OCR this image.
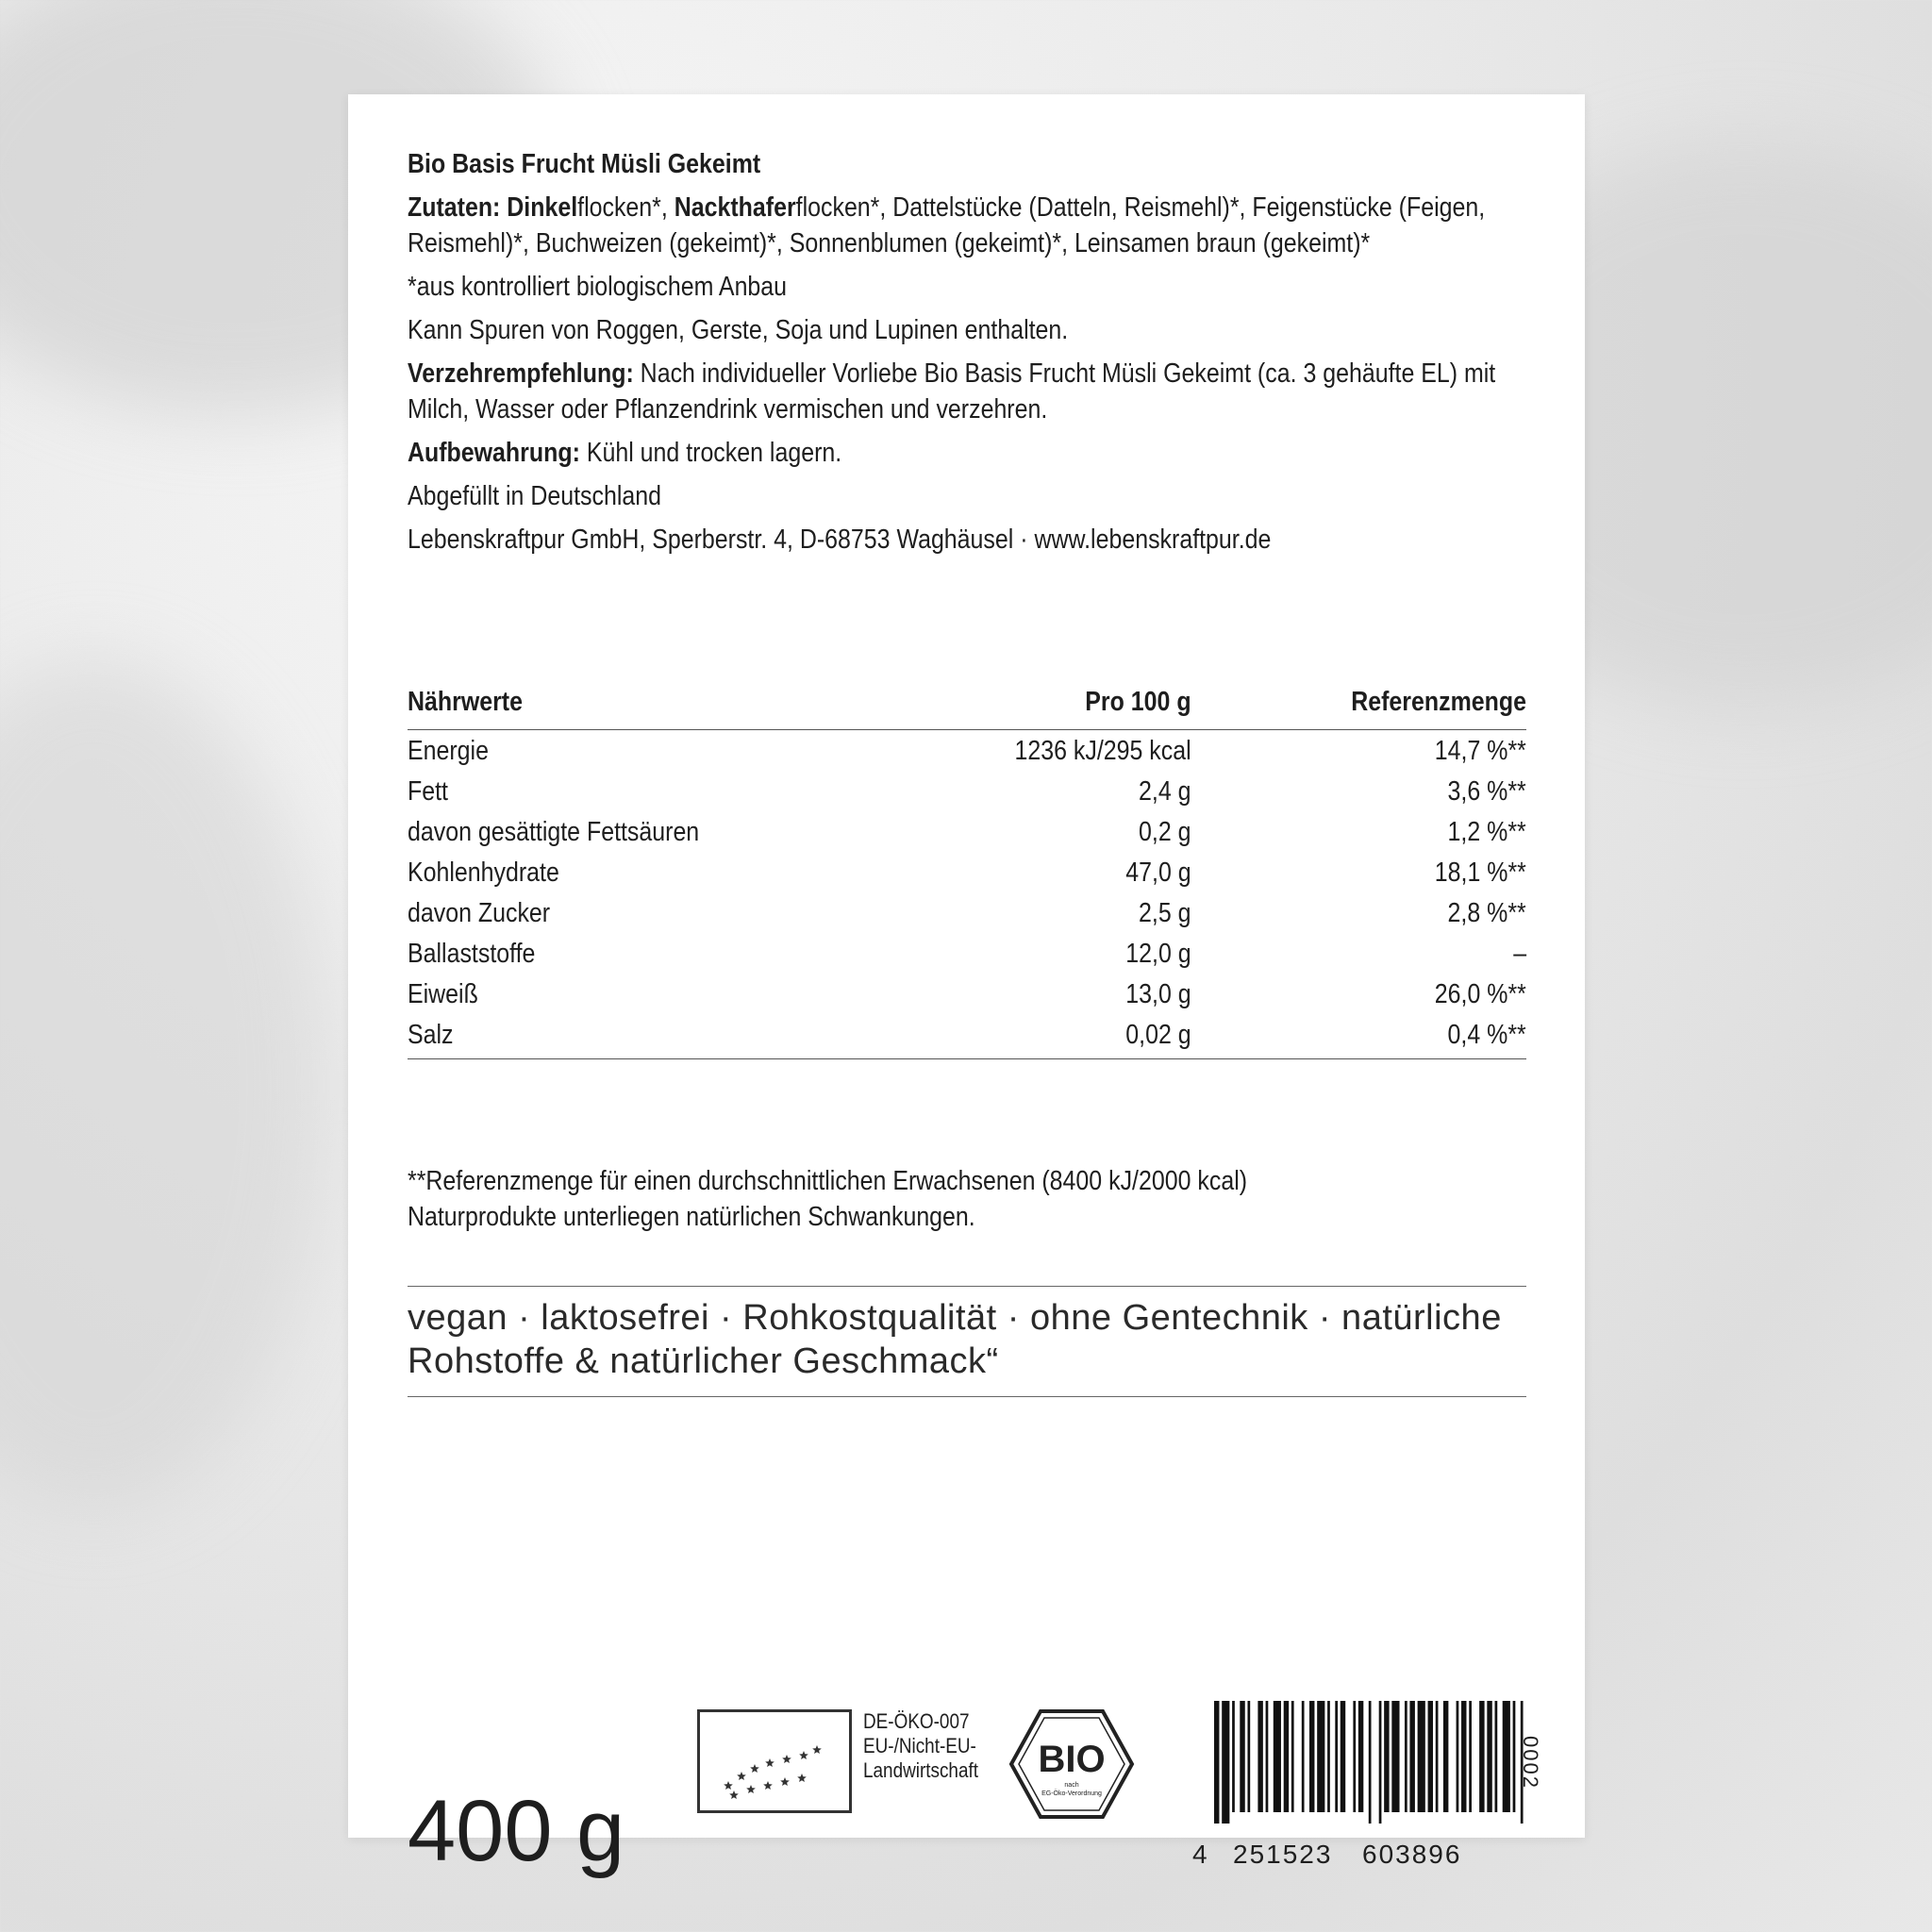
Bio Basis Frucht Müsli Gekeimt

Zutaten: Dinkelflocken*, Nackthaferflocken*, Dattelstücke (Datteln, Reismehl)*, Feigenstücke (Feigen, Reismehl)*, Buchweizen (gekeimt)*, Sonnenblumen (gekeimt)*, Leinsamen braun (gekeimt)*

*aus kontrolliert biologischem Anbau

Kann Spuren von Roggen, Gerste, Soja und Lupinen enthalten.

Verzehrempfehlung: Nach individueller Vorliebe Bio Basis Frucht Müsli Gekeimt (ca. 3 gehäufte EL) mit Milch, Wasser oder Pflanzendrink vermischen und verzehren.

Aufbewahrung: Kühl und trocken lagern.

Abgefüllt in Deutschland

Lebenskraftpur GmbH, Sperberstr. 4, D-68753 Waghäusel · www.lebenskraftpur.de

Nährwerte	Pro 100 g	Referenzmenge
Energie	1236 kJ/295 kcal	14,7 %**
Fett	2,4 g	3,6 %**
davon gesättigte Fettsäuren	0,2 g	1,2 %**
Kohlenhydrate	47,0 g	18,1 %**
davon Zucker	2,5 g	2,8 %**
Ballaststoffe	12,0 g	–
Eiweiß	13,0 g	26,0 %**
Salz	0,02 g	0,4 %**
**Referenzmenge für einen durchschnittlichen Erwachsenen (8400 kJ/2000 kcal)
Naturprodukte unterliegen natürlichen Schwankungen.
vegan · laktosefrei · Rohkostqualität · ohne Gentechnik · natürliche Rohstoffe & natürlicher Geschmack“
400 g
DE-ÖKO-007
EU-/Nicht-EU-
Landwirtschaft	BIO
nach
EG-Öko-Verordnung
4 251523 603896
0002
